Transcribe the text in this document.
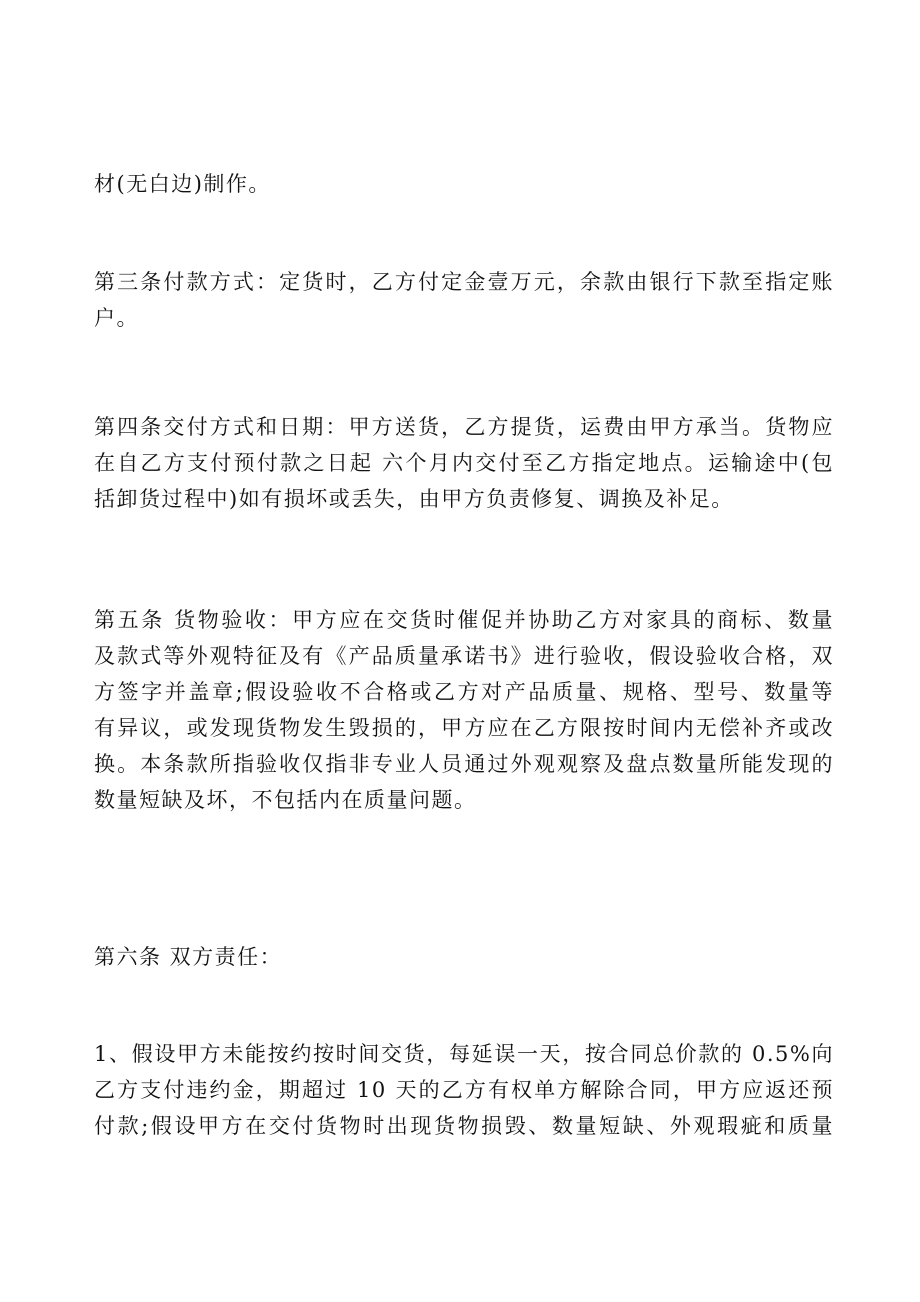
材(无白边)制作。
第三条付款方式：定货时，乙方付定金壹万元，余款由银行下款至指定账
户。
第四条交付方式和日期：甲方送货，乙方提货，运费由甲方承当。货物应
在自乙方支付预付款之日起 六个月内交付至乙方指定地点。运输途中(包
括卸货过程中)如有损坏或丢失，由甲方负责修复、调换及补足。
第五条 货物验收：甲方应在交货时催促并协助乙方对家具的商标、数量
及款式等外观特征及有《产品质量承诺书》进行验收，假设验收合格，双
方签字并盖章;假设验收不合格或乙方对产品质量、规格、型号、数量等
有异议，或发现货物发生毁损的，甲方应在乙方限按时间内无偿补齐或改
换。本条款所指验收仅指非专业人员通过外观观察及盘点数量所能发现的
数量短缺及坏，不包括内在质量问题。
第六条 双方责任：
1、假设甲方未能按约按时间交货，每延误一天，按合同总价款的 0.5%向
乙方支付违约金，期超过 10 天的乙方有权单方解除合同，甲方应返还预
付款;假设甲方在交付货物时出现货物损毁、数量短缺、外观瑕疵和质量
